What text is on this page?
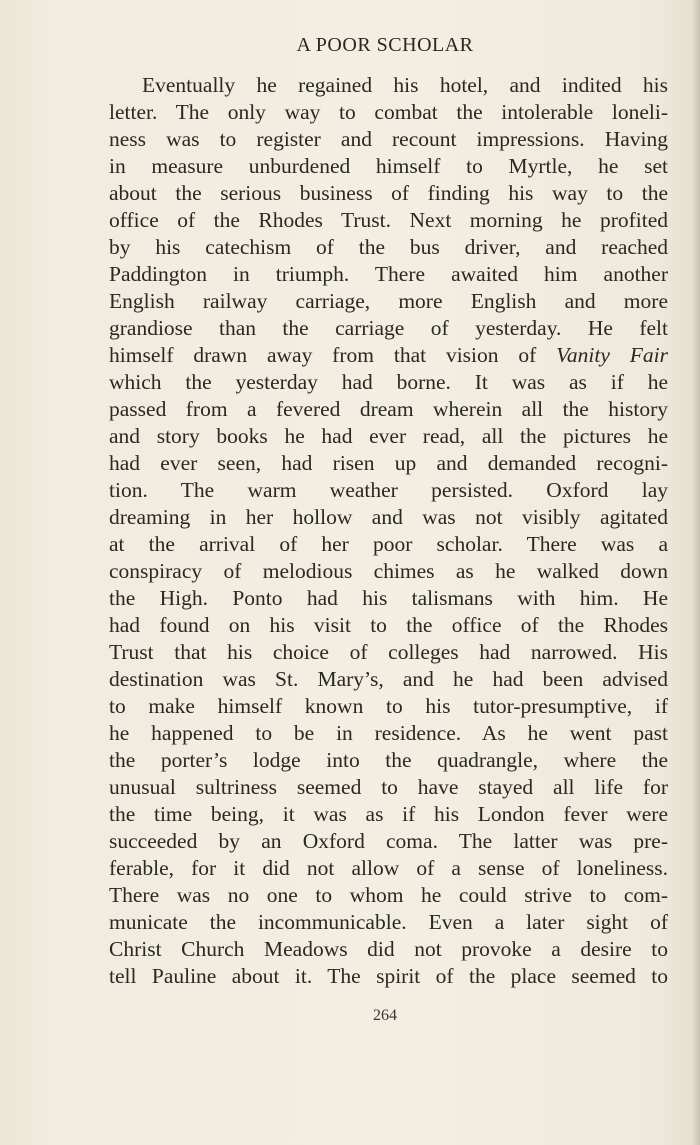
A POOR SCHOLAR
Eventually he regained his hotel, and indited his
letter. The only way to combat the intolerable loneli-
ness was to register and recount impressions. Having
in measure unburdened himself to Myrtle, he set
about the serious business of finding his way to the
office of the Rhodes Trust. Next morning he profited
by his catechism of the bus driver, and reached
Paddington in triumph. There awaited him another
English railway carriage, more English and more
grandiose than the carriage of yesterday. He felt
himself drawn away from that vision of Vanity Fair
which the yesterday had borne. It was as if he
passed from a fevered dream wherein all the history
and story books he had ever read, all the pictures he
had ever seen, had risen up and demanded recogni-
tion. The warm weather persisted. Oxford lay
dreaming in her hollow and was not visibly agitated
at the arrival of her poor scholar. There was a
conspiracy of melodious chimes as he walked down
the High. Ponto had his talismans with him. He
had found on his visit to the office of the Rhodes
Trust that his choice of colleges had narrowed. His
destination was St. Mary’s, and he had been advised
to make himself known to his tutor-presumptive, if
he happened to be in residence. As he went past
the porter’s lodge into the quadrangle, where the
unusual sultriness seemed to have stayed all life for
the time being, it was as if his London fever were
succeeded by an Oxford coma. The latter was pre-
ferable, for it did not allow of a sense of loneliness.
There was no one to whom he could strive to com-
municate the incommunicable. Even a later sight of
Christ Church Meadows did not provoke a desire to
tell Pauline about it. The spirit of the place seemed to
264
